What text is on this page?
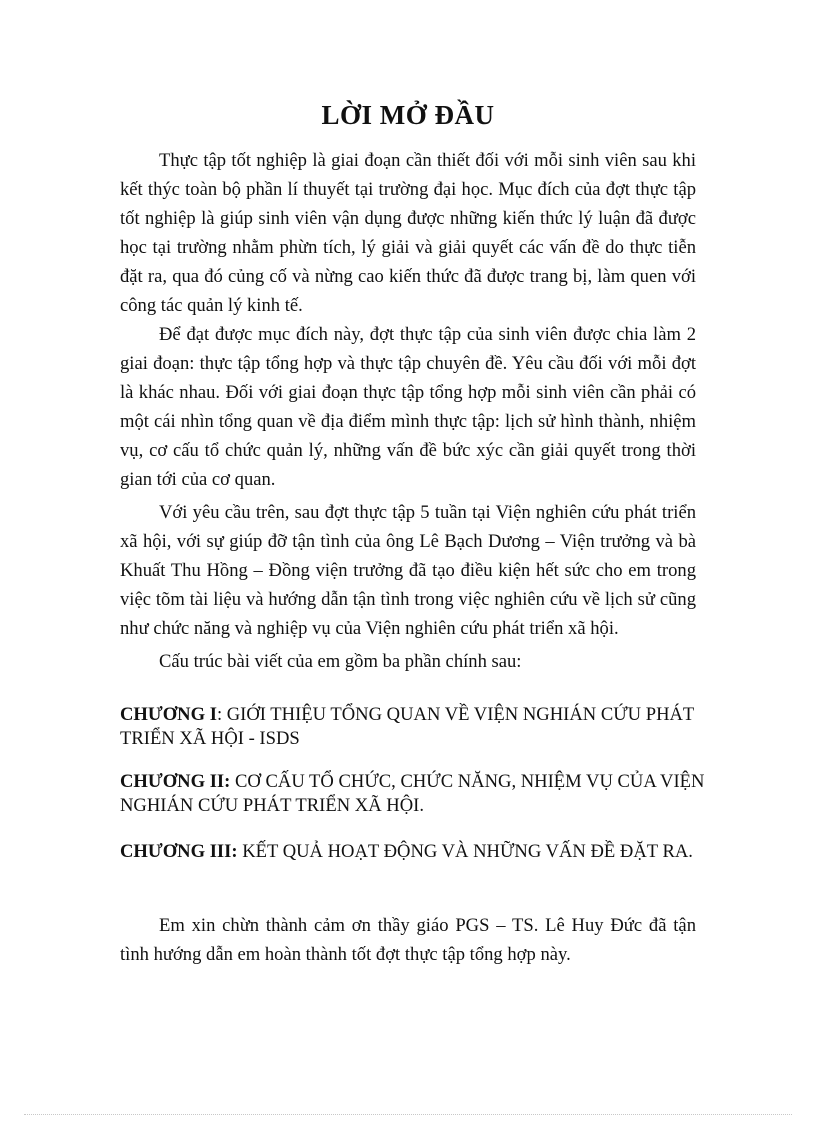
LỜI MỞ ĐẦU

Thực tập tốt nghiệp là giai đoạn cần thiết đối với mỗi sinh viên sau khi kết thýc toàn bộ phần lí thuyết tại trường đại học. Mục đích của đợt thực tập tốt nghiệp là giúp sinh viên vận dụng được những kiến thức lý luận đã được học tại trường nhằm phừn tích, lý giải và giải quyết các vấn đề do thực tiễn đặt ra, qua đó củng cố và nừng cao kiến thức đã được trang bị, làm quen với công tác quản lý kinh tế.

Để đạt được mục đích này, đợt thực tập của sinh viên được chia làm 2 giai đoạn: thực tập tổng hợp và thực tập chuyên đề. Yêu cầu đối với mỗi đợt là khác nhau. Đối với giai đoạn thực tập tổng hợp mỗi sinh viên cần phải có một cái nhìn tổng quan về địa điểm mình thực tập: lịch sử hình thành, nhiệm vụ, cơ cấu tổ chức quản lý, những vấn đề bức xýc cần giải quyết trong thời gian tới của cơ quan.

Với yêu cầu trên, sau đợt thực tập 5 tuần tại Viện nghiên cứu phát triển xã hội, với sự giúp đỡ tận tình của ông Lê Bạch Dương – Viện trưởng và bà Khuất Thu Hồng – Đồng viện trưởng đã tạo điều kiện hết sức cho em trong việc tõm tài liệu và hướng dẫn tận tình trong việc nghiên cứu về lịch sử cũng như chức năng và nghiệp vụ của Viện nghiên cứu phát triển xã hội.

Cấu trúc bài viết của em gồm ba phần chính sau:

CHƯƠNG I: GIỚI THIỆU TỔNG QUAN VỀ VIỆN NGHIÁN CỨU PHÁT TRIỂN XÃ HỘI - ISDS

CHƯƠNG II: CƠ CẤU TỔ CHỨC, CHỨC NĂNG, NHIỆM VỤ CỦA VIỆN NGHIÁN CỨU PHÁT TRIỂN XÃ HỘI.

CHƯƠNG III: KẾT QUẢ HOẠT ĐỘNG VÀ NHỮNG VẤN ĐỀ ĐẶT RA.

Em xin chừn thành cảm ơn thầy giáo PGS – TS. Lê Huy Đức đã tận tình hướng dẫn em hoàn thành tốt đợt thực tập tổng hợp này.
